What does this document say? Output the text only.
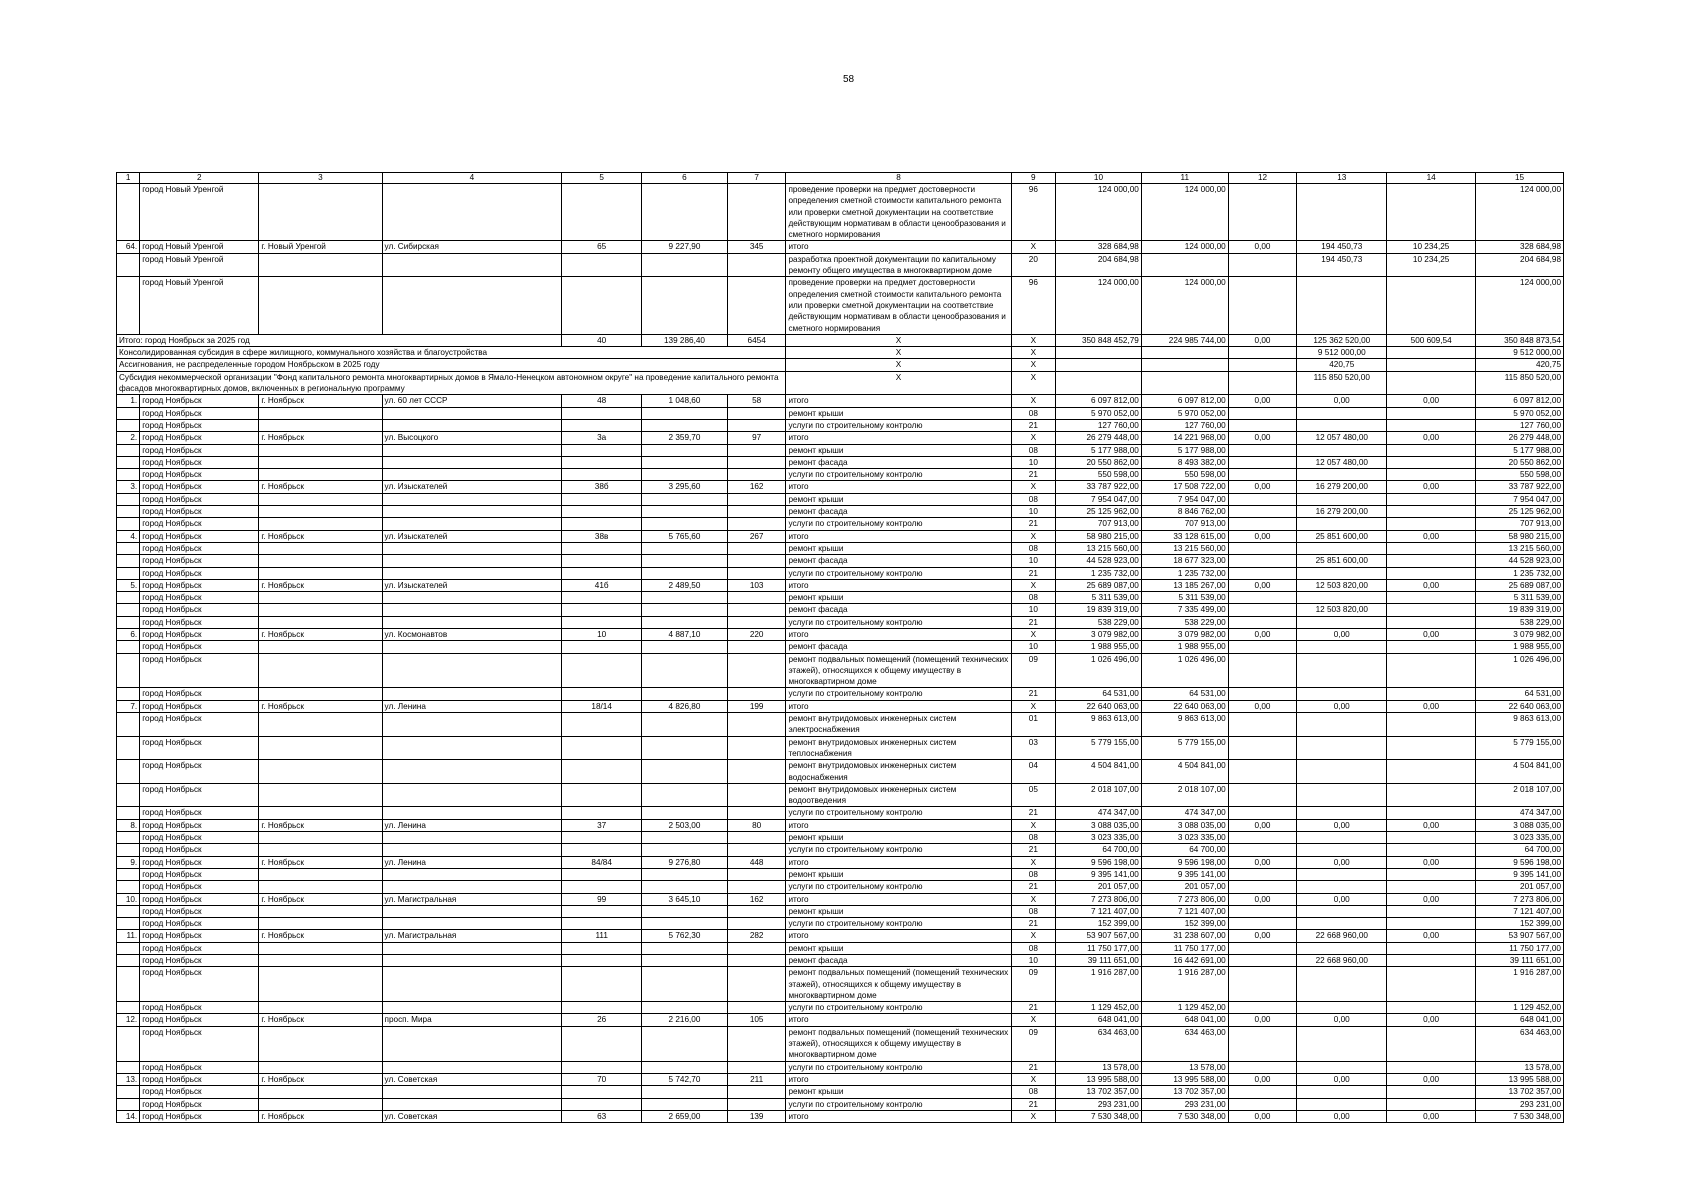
58
1	2	3	4	5	6	7	8	9	10	11	12	13	14	15
	город Новый Уренгой						проведение проверки на предмет достоверности определения сметной стоимости капитального ремонта или проверки сметной документации на соответствие действующим нормативам в области ценообразования и сметного нормирования	96	124 000,00	124 000,00				124 000,00
64.	город Новый Уренгой	г. Новый Уренгой	ул. Сибирская	65	9 227,90	345	итого	X	328 684,98	124 000,00	0,00	194 450,73	10 234,25	328 684,98
	город Новый Уренгой						разработка проектной документации по капитальному ремонту общего имущества в многоквартирном доме	20	204 684,98			194 450,73	10 234,25	204 684,98
	город Новый Уренгой						проведение проверки на предмет достоверности определения сметной стоимости капитального ремонта или проверки сметной документации на соответствие действующим нормативам в области ценообразования и сметного нормирования	96	124 000,00	124 000,00				124 000,00
Итого: город Ноябрьск за 2025 год				40	139 286,40	6454	X	X	350 848 452,79	224 985 744,00	0,00	125 362 520,00	500 609,54	350 848 873,54
Консолидированная субсидия в сфере жилищного, коммунального хозяйства и благоустройства							X	X				9 512 000,00		9 512 000,00
Ассигнования, не распределенные городом Ноябрьском в 2025 году							X	X				420,75		420,75
Субсидия некоммерческой организации "Фонд капитального ремонта многоквартирных домов в Ямало-Ненецком автономном округе" на проведение капитального ремонта фасадов многоквартирных домов, включенных в региональную программу							X	X				115 850 520,00		115 850 520,00
1.	город Ноябрьск	г. Ноябрьск	ул. 60 лет СССР	48	1 048,60	58	итого	X	6 097 812,00	6 097 812,00	0,00	0,00	0,00	6 097 812,00
	город Ноябрьск						ремонт крыши	08	5 970 052,00	5 970 052,00				5 970 052,00
	город Ноябрьск						услуги по строительному контролю	21	127 760,00	127 760,00				127 760,00
2.	город Ноябрьск	г. Ноябрьск	ул. Высоцкого	3а	2 359,70	97	итого	X	26 279 448,00	14 221 968,00	0,00	12 057 480,00	0,00	26 279 448,00
	город Ноябрьск						ремонт крыши	08	5 177 988,00	5 177 988,00				5 177 988,00
	город Ноябрьск						ремонт фасада	10	20 550 862,00	8 493 382,00		12 057 480,00		20 550 862,00
	город Ноябрьск						услуги по строительному контролю	21	550 598,00	550 598,00				550 598,00
3.	город Ноябрьск	г. Ноябрьск	ул. Изыскателей	38б	3 295,60	162	итого	X	33 787 922,00	17 508 722,00	0,00	16 279 200,00	0,00	33 787 922,00
	город Ноябрьск						ремонт крыши	08	7 954 047,00	7 954 047,00				7 954 047,00
	город Ноябрьск						ремонт фасада	10	25 125 962,00	8 846 762,00		16 279 200,00		25 125 962,00
	город Ноябрьск						услуги по строительному контролю	21	707 913,00	707 913,00				707 913,00
4.	город Ноябрьск	г. Ноябрьск	ул. Изыскателей	38в	5 765,60	267	итого	X	58 980 215,00	33 128 615,00	0,00	25 851 600,00	0,00	58 980 215,00
	город Ноябрьск						ремонт крыши	08	13 215 560,00	13 215 560,00				13 215 560,00
	город Ноябрьск						ремонт фасада	10	44 528 923,00	18 677 323,00		25 851 600,00		44 528 923,00
	город Ноябрьск						услуги по строительному контролю	21	1 235 732,00	1 235 732,00				1 235 732,00
5.	город Ноябрьск	г. Ноябрьск	ул. Изыскателей	41б	2 489,50	103	итого	X	25 689 087,00	13 185 267,00	0,00	12 503 820,00	0,00	25 689 087,00
	город Ноябрьск						ремонт крыши	08	5 311 539,00	5 311 539,00				5 311 539,00
	город Ноябрьск						ремонт фасада	10	19 839 319,00	7 335 499,00		12 503 820,00		19 839 319,00
	город Ноябрьск						услуги по строительному контролю	21	538 229,00	538 229,00				538 229,00
6.	город Ноябрьск	г. Ноябрьск	ул. Космонавтов	10	4 887,10	220	итого	X	3 079 982,00	3 079 982,00	0,00	0,00	0,00	3 079 982,00
	город Ноябрьск						ремонт фасада	10	1 988 955,00	1 988 955,00				1 988 955,00
	город Ноябрьск						ремонт подвальных помещений (помещений технических этажей), относящихся к общему имуществу в многоквартирном доме	09	1 026 496,00	1 026 496,00				1 026 496,00
	город Ноябрьск						услуги по строительному контролю	21	64 531,00	64 531,00				64 531,00
7.	город Ноябрьск	г. Ноябрьск	ул. Ленина	18/14	4 826,80	199	итого	X	22 640 063,00	22 640 063,00	0,00	0,00	0,00	22 640 063,00
	город Ноябрьск						ремонт внутридомовых инженерных систем электроснабжения	01	9 863 613,00	9 863 613,00				9 863 613,00
	город Ноябрьск						ремонт внутридомовых инженерных систем теплоснабжения	03	5 779 155,00	5 779 155,00				5 779 155,00
	город Ноябрьск						ремонт внутридомовых инженерных систем водоснабжения	04	4 504 841,00	4 504 841,00				4 504 841,00
	город Ноябрьск						ремонт внутридомовых инженерных систем водоотведения	05	2 018 107,00	2 018 107,00				2 018 107,00
	город Ноябрьск						услуги по строительному контролю	21	474 347,00	474 347,00				474 347,00
8.	город Ноябрьск	г. Ноябрьск	ул. Ленина	37	2 503,00	80	итого	X	3 088 035,00	3 088 035,00	0,00	0,00	0,00	3 088 035,00
	город Ноябрьск						ремонт крыши	08	3 023 335,00	3 023 335,00				3 023 335,00
	город Ноябрьск						услуги по строительному контролю	21	64 700,00	64 700,00				64 700,00
9.	город Ноябрьск	г. Ноябрьск	ул. Ленина	84/84	9 276,80	448	итого	X	9 596 198,00	9 596 198,00	0,00	0,00	0,00	9 596 198,00
	город Ноябрьск						ремонт крыши	08	9 395 141,00	9 395 141,00				9 395 141,00
	город Ноябрьск						услуги по строительному контролю	21	201 057,00	201 057,00				201 057,00
10.	город Ноябрьск	г. Ноябрьск	ул. Магистральная	99	3 645,10	162	итого	X	7 273 806,00	7 273 806,00	0,00	0,00	0,00	7 273 806,00
	город Ноябрьск						ремонт крыши	08	7 121 407,00	7 121 407,00				7 121 407,00
	город Ноябрьск						услуги по строительному контролю	21	152 399,00	152 399,00				152 399,00
11.	город Ноябрьск	г. Ноябрьск	ул. Магистральная	111	5 762,30	282	итого	X	53 907 567,00	31 238 607,00	0,00	22 668 960,00	0,00	53 907 567,00
	город Ноябрьск						ремонт крыши	08	11 750 177,00	11 750 177,00				11 750 177,00
	город Ноябрьск						ремонт фасада	10	39 111 651,00	16 442 691,00		22 668 960,00		39 111 651,00
	город Ноябрьск						ремонт подвальных помещений (помещений технических этажей), относящихся к общему имуществу в многоквартирном доме	09	1 916 287,00	1 916 287,00				1 916 287,00
	город Ноябрьск						услуги по строительному контролю	21	1 129 452,00	1 129 452,00				1 129 452,00
12.	город Ноябрьск	г. Ноябрьск	просп. Мира	26	2 216,00	105	итого	X	648 041,00	648 041,00	0,00	0,00	0,00	648 041,00
	город Ноябрьск						ремонт подвальных помещений (помещений технических этажей), относящихся к общему имуществу в многоквартирном доме	09	634 463,00	634 463,00				634 463,00
	город Ноябрьск						услуги по строительному контролю	21	13 578,00	13 578,00				13 578,00
13.	город Ноябрьск	г. Ноябрьск	ул. Советская	70	5 742,70	211	итого	X	13 995 588,00	13 995 588,00	0,00	0,00	0,00	13 995 588,00
	город Ноябрьск						ремонт крыши	08	13 702 357,00	13 702 357,00				13 702 357,00
	город Ноябрьск						услуги по строительному контролю	21	293 231,00	293 231,00				293 231,00
14.	город Ноябрьск	г. Ноябрьск	ул. Советская	63	2 659,00	139	итого	X	7 530 348,00	7 530 348,00	0,00	0,00	0,00	7 530 348,00
